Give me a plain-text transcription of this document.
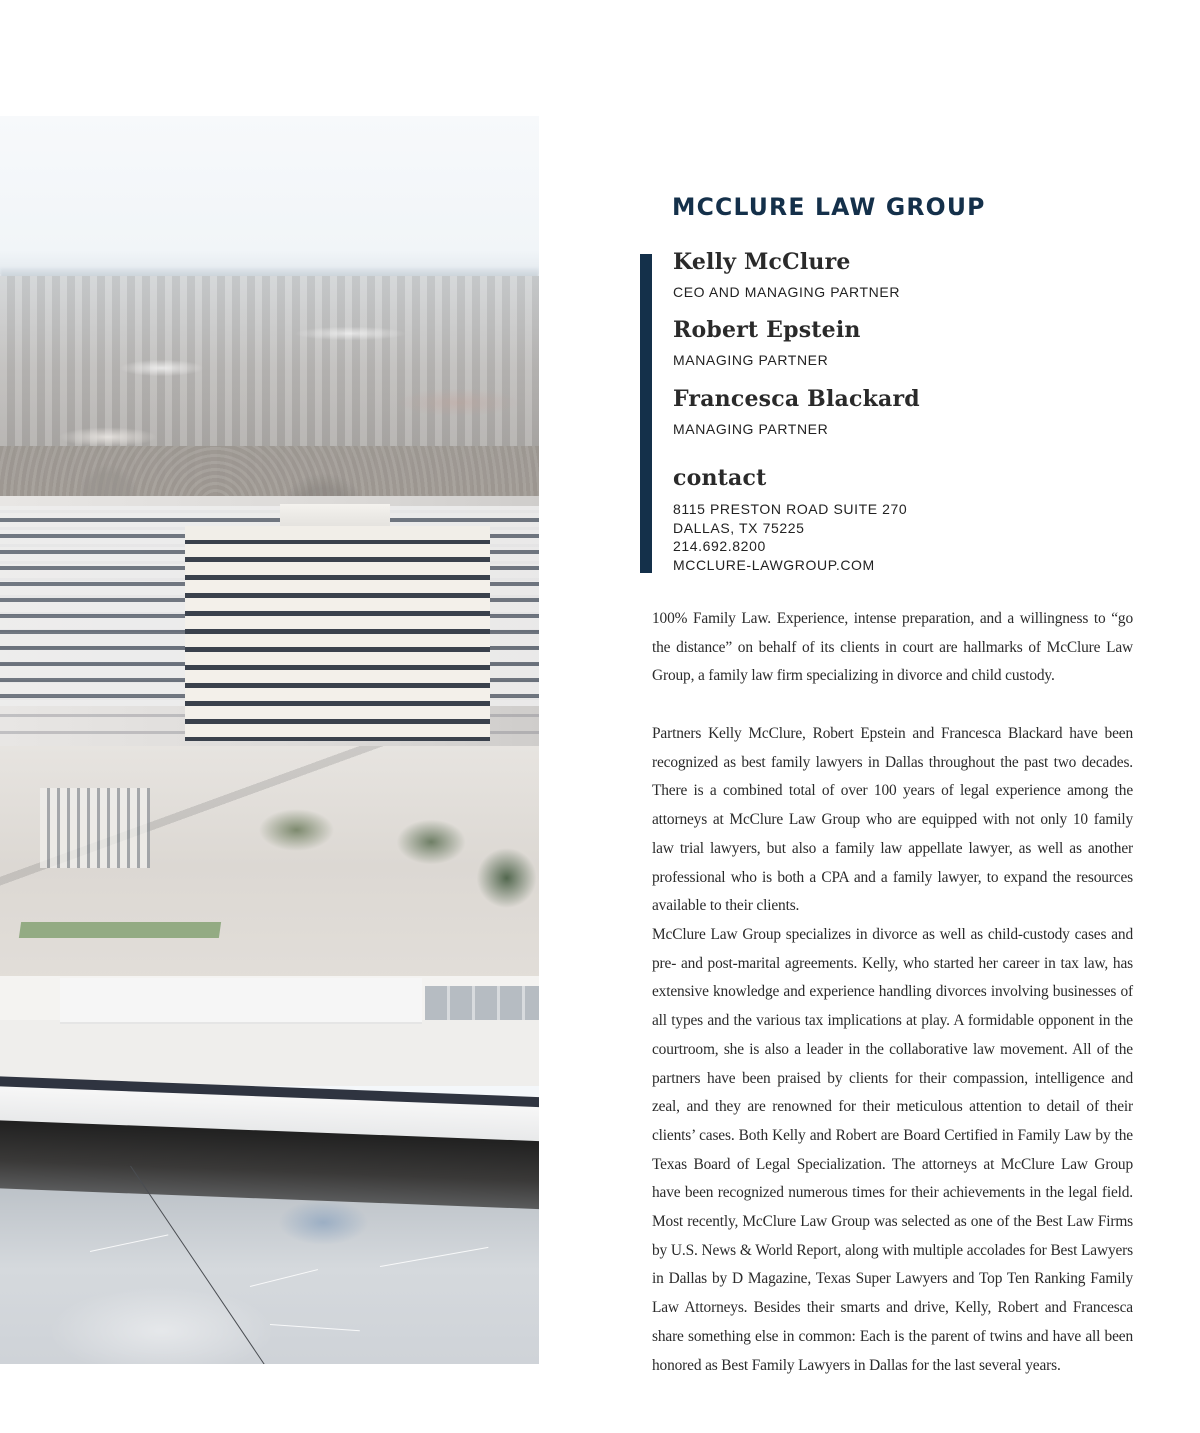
MCCLURE LAW GROUP
Kelly McClure
CEO AND MANAGING PARTNER
Robert Epstein
MANAGING PARTNER
Francesca Blackard
MANAGING PARTNER
contact
8115 PRESTON ROAD SUITE 270
DALLAS, TX 75225
214.692.8200
MCCLURE-LAWGROUP.COM

100% Family Law. Experience, intense preparation, and a willingness to “go the distance” on behalf of its clients in court are hallmarks of McClure Law Group, a family law firm specializing in divorce and child custody.

Partners Kelly McClure, Robert Epstein and Francesca Blackard have been recognized as best family lawyers in Dallas throughout the past two decades. There is a combined total of over 100 years of legal experience among the attorneys at McClure Law Group who are equipped with not only 10 family law trial lawyers, but also a family law appellate lawyer, as well as another professional who is both a CPA and a family lawyer, to expand the resources available to their clients.

McClure Law Group specializes in divorce as well as child-custody cases and pre- and post-marital agreements. Kelly, who started her career in tax law, has extensive knowledge and experience handling divorces involving businesses of all types and the various tax implications at play. A formidable opponent in the courtroom, she is also a leader in the collaborative law movement. All of the partners have been praised by clients for their compassion, intelligence and zeal, and they are renowned for their meticulous attention to detail of their clients’ cases. Both Kelly and Robert are Board Certified in Family Law by the Texas Board of Legal Specialization. The attorneys at McClure Law Group have been recognized numerous times for their achievements in the legal field. Most recently, McClure Law Group was selected as one of the Best Law Firms by U.S. News & World Report, along with multiple accolades for Best Lawyers in Dallas by D Magazine, Texas Super Lawyers and Top Ten Ranking Family Law Attorneys. Besides their smarts and drive, Kelly, Robert and Francesca share something else in common: Each is the parent of twins and have all been honored as Best Family Lawyers in Dallas for the last several years.
